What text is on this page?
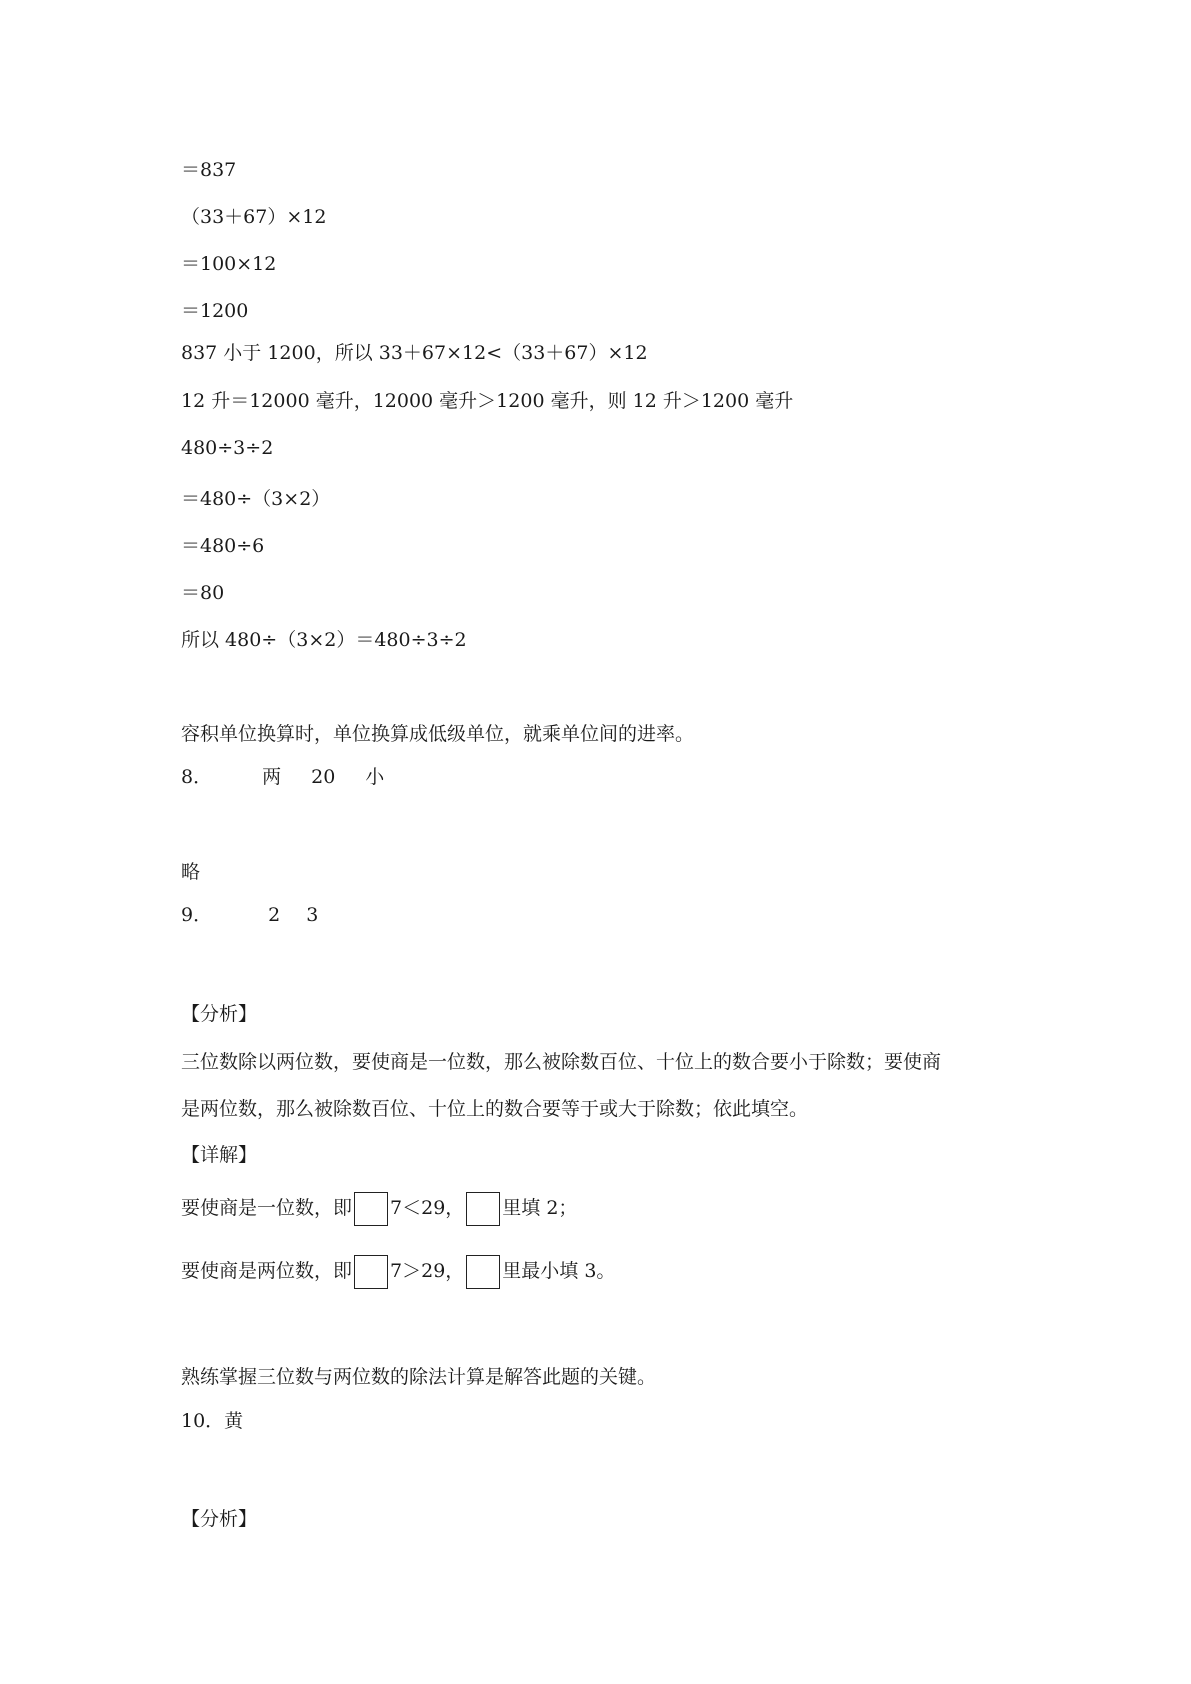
＝837
（33＋67）×12
＝100×12
＝1200
837 小于 1200，所以 33＋67×12<（33＋67）×12
12 升＝12000 毫升，12000 毫升＞1200 毫升，则 12 升＞1200 毫升
480÷3÷2
＝480÷（3×2）
＝480÷6
＝80
所以 480÷（3×2）＝480÷3÷2
容积单位换算时，单位换算成低级单位，就乘单位间的进率。
8．	两 20 小
略
9．	2 3
【分析】
三位数除以两位数，要使商是一位数，那么被除数百位、十位上的数合要小于除数；要使商
是两位数，那么被除数百位、十位上的数合要等于或大于除数；依此填空。
【详解】
要使商是一位数，即 7＜29， 里填 2；
要使商是两位数，即 7＞29， 里最小填 3。
熟练掌握三位数与两位数的除法计算是解答此题的关键。
10．黄
【分析】
